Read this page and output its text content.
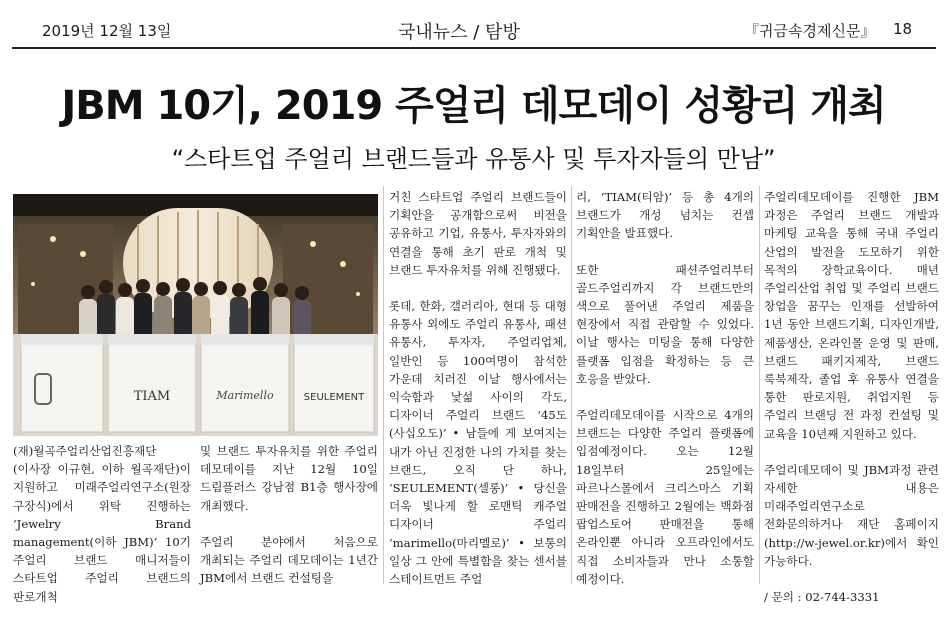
2019년 12월 13일	국내뉴스 / 탐방	『귀금속경제신문』 18
JBM 10기, 2019 주얼리 데모데이 성황리 개최
“스타트업 주얼리 브랜드들과 유통사 및 투자자들의 만남”
TIAM	Marimello	SEULEMENT

(재)월곡주얼리산업진흥재단(이사장 이규현, 이하 월곡재단)이 지원하고 미래주얼리연구소(원장 구장식)에서 위탁 진행하는 ‘Jewelry Brand management(이하 JBM)’ 10기 주얼리 브랜드 매니저들이 스타트업 주얼리 브랜드의 판로개척

및 브랜드 투자유치를 위한 주얼리 데모데이를 지난 12월 10일 드림플러스 강남점 B1층 행사장에 개최했다.

주얼리 분야에서 처음으로 개최되는 주얼리 데모데이는 1년간 JBM에서 브랜드 컨설팅을

거친 스타트업 주얼리 브랜드들이 기획안을 공개함으로써 비전을 공유하고 기업, 유통사, 투자자와의 연결을 통해 초기 판로 개척 및 브랜드 투자유치를 위해 진행됐다.

롯데, 한화, 갤러리아, 현대 등 대형 유통사 외에도 주얼리 유통사, 패션 유통사, 투자자, 주얼리업체, 일반인 등 100여명이 참석한 가운데 치러진 이날 행사에서는 익숙함과 낯섦 사이의 각도, 디자이너 주얼리 브랜드 ‘45도(사십오도)’ • 남들에 게 보여지는 내가 아닌 진정한 나의 가치를 찾는 브랜드, 오직 단 하나, ‘SEULEMENT(셀롱)’ • 당신을 더욱 빛나게 할 로맨틱 캐주얼 디자이너 주얼리 ‘marimello(마리멜로)’ • 보통의 일상 그 안에 특별함을 찾는 센서블 스테이트먼트 주얼

리, ‘TIAM(티암)’ 등 총 4개의 브랜드가 개성 넘치는 컨셉 기획안을 발표했다.

또한 패션주얼리부터 골드주얼리까지 각 브랜드만의 색으로 풀어낸 주얼리 제품을 현장에서 직접 관람할 수 있었다. 이날 행사는 미팅을 통해 다양한 플랫폼 입점을 확정하는 등 큰 호응을 받았다.

주얼리데모데이를 시작으로 4개의 브랜드는 다양한 주얼리 플랫폼에 입점예정이다. 오는 12월 18일부터 25일에는 파르나스몰에서 크리스마스 기획 판매전을 진행하고 2월에는 백화점 팝업스토어 판매전을 통해 온라인뿐 아니라 오프라인에서도 직접 소비자들과 만나 소통할 예정이다.

주얼리데모데이를 진행한 JBM 과정은 주얼리 브랜드 개발과 마케팅 교육을 통해 국내 주얼리 산업의 발전을 도모하기 위한 목적의 장학교육이다. 매년 주얼리산업 취업 및 주얼리 브랜드 창업을 꿈꾸는 인재를 선발하여 1년 동안 브랜드기획, 디자인개발, 제품생산, 온라인몰 운영 및 판매, 브랜드 패키지제작, 브랜드 룩북제작, 졸업 후 유통사 연결을 통한 판로지원, 취업지원 등 주얼리 브랜딩 전 과정 컨설팅 및 교육을 10년째 지원하고 있다.

주얼리데모데이 및 JBM과정 관련 자세한 내용은 미래주얼리연구소로 전화문의하거나 재단 홈페이지(http://w-jewel.or.kr)에서 확인 가능하다.

/ 문의 : 02-744-3331
